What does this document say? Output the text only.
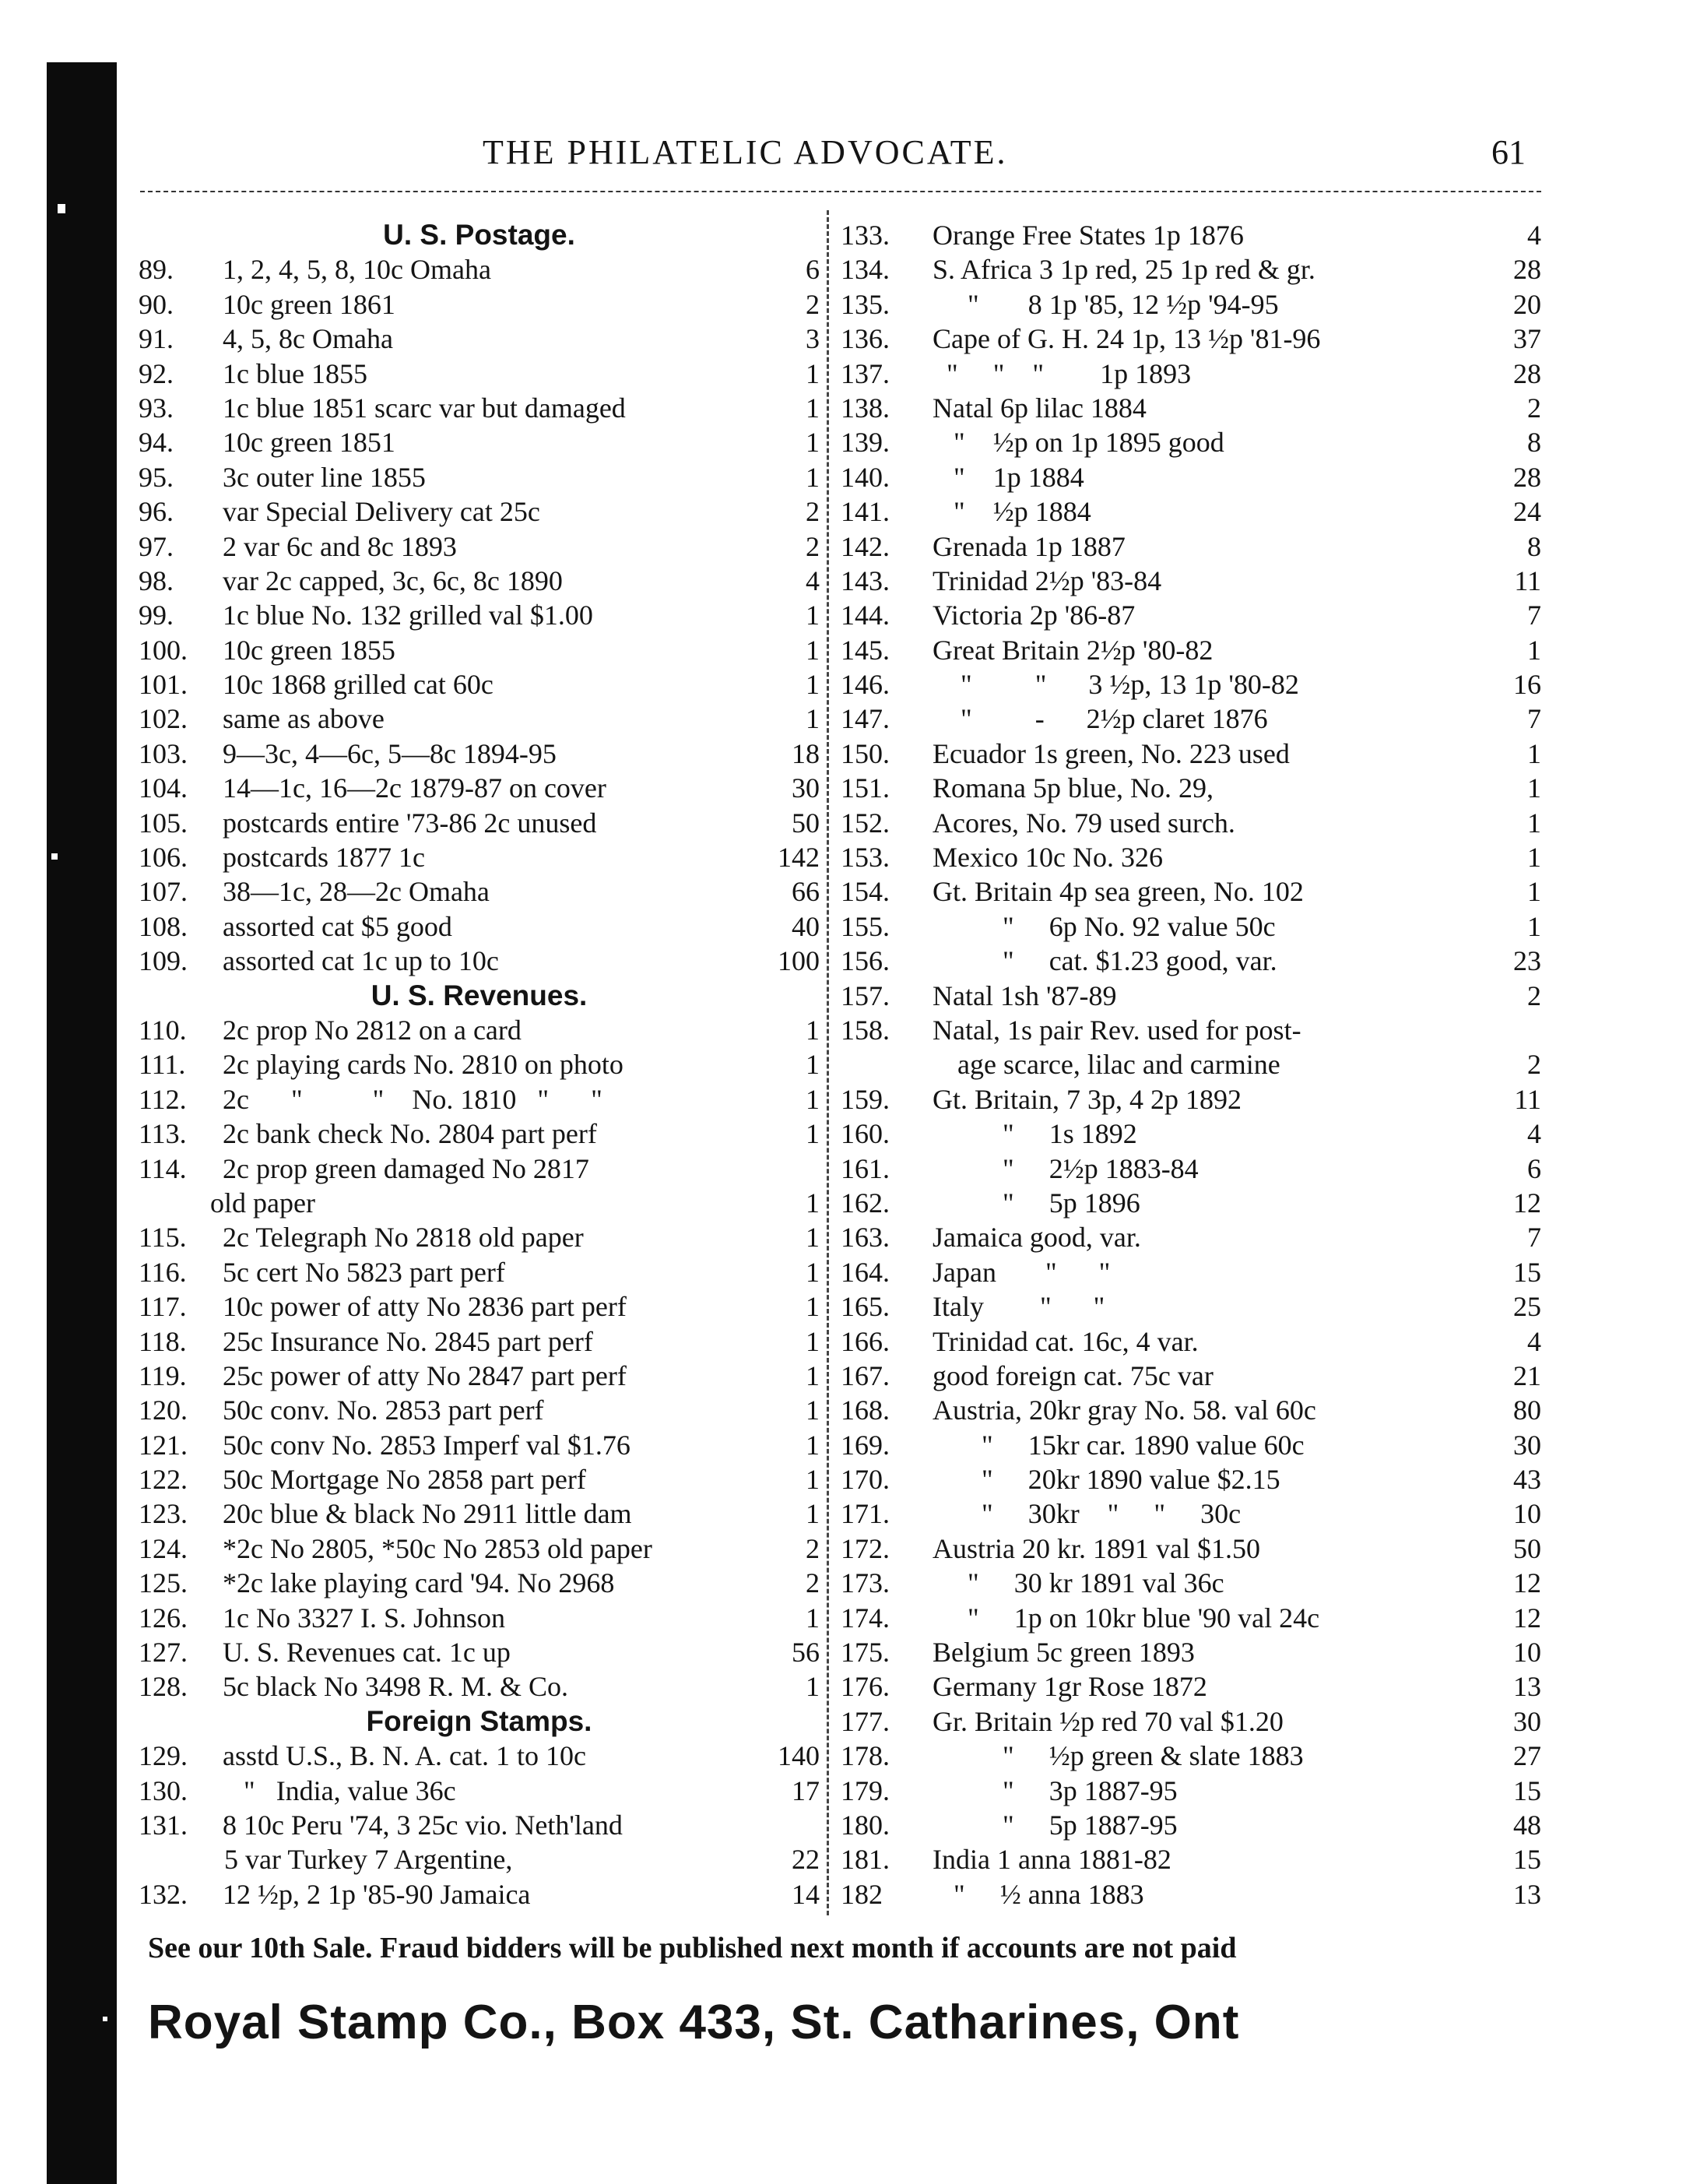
THE PHILATELIC ADVOCATE.	61
U. S. Postage.
89.	1, 2, 4, 5, 8, 10c Omaha	6
90.	10c green 1861	2
91.	4, 5, 8c Omaha	3
92.	1c blue 1855	1
93.	1c blue 1851 scarc var but damaged	1
94.	10c green 1851	1
95.	3c outer line 1855	1
96.	var Special Delivery cat 25c	2
97.	2 var 6c and 8c 1893	2
98.	var 2c capped, 3c, 6c, 8c 1890	4
99.	1c blue No. 132 grilled val $1.00	1
100.	10c green 1855	1
101.	10c 1868 grilled cat 60c	1
102.	same as above	1
103.	9—3c, 4—6c, 5—8c 1894-95	18
104.	14—1c, 16—2c 1879-87 on cover	30
105.	postcards entire '73-86 2c unused	50
106.	postcards 1877 1c	142
107.	38—1c, 28—2c Omaha	66
108.	assorted cat $5 good	40
109.	assorted cat 1c up to 10c	100
U. S. Revenues.
110.	2c prop No 2812 on a card	1
111.	2c playing cards No. 2810 on photo	1
112.	2c      "          "    No. 1810   "      "	1
113.	2c bank check No. 2804 part perf	1
114.	2c prop green damaged No 2817
old paper	1
115.	2c Telegraph No 2818 old paper	1
116.	5c cert No 5823 part perf	1
117.	10c power of atty No 2836 part perf	1
118.	25c Insurance No. 2845 part perf	1
119.	25c power of atty No 2847 part perf	1
120.	50c conv. No. 2853 part perf	1
121.	50c conv No. 2853 Imperf val $1.76	1
122.	50c Mortgage No 2858 part perf	1
123.	20c blue & black No 2911 little dam	1
124.	*2c No 2805, *50c No 2853 old paper	2
125.	*2c lake playing card '94. No 2968	2
126.	1c No 3327 I. S. Johnson	1
127.	U. S. Revenues cat. 1c up	56
128.	5c black No 3498 R. M. & Co.	1
Foreign Stamps.
129.	asstd U.S., B. N. A. cat. 1 to 10c	140
130.	"   India, value 36c	17
131.	8 10c Peru '74, 3 25c vio. Neth'land
5 var Turkey 7 Argentine,	22
132.	12 ½p, 2 1p '85-90 Jamaica	14
133.	Orange Free States 1p 1876	4
134.	S. Africa 3 1p red, 25 1p red & gr.	28
135.	"       8 1p '85, 12 ½p '94-95	20
136.	Cape of G. H. 24 1p, 13 ½p '81-96	37
137.	"     "    "        1p 1893	28
138.	Natal 6p lilac 1884	2
139.	"    ½p on 1p 1895 good	8
140.	"    1p 1884	28
141.	"    ½p 1884	24
142.	Grenada 1p 1887	8
143.	Trinidad 2½p '83-84	11
144.	Victoria 2p '86-87	7
145.	Great Britain 2½p '80-82	1
146.	"         "      3 ½p, 13 1p '80-82	16
147.	"         -      2½p claret 1876	7
150.	Ecuador 1s green, No. 223 used	1
151.	Romana 5p blue, No. 29,	1
152.	Acores, No. 79 used surch.	1
153.	Mexico 10c No. 326	1
154.	Gt. Britain 4p sea green, No. 102	1
155.	"     6p No. 92 value 50c	1
156.	"     cat. $1.23 good, var.	23
157.	Natal 1sh '87-89	2
158.	Natal, 1s pair Rev. used for post-
age scarce, lilac and carmine	2
159.	Gt. Britain, 7 3p, 4 2p 1892	11
160.	"     1s 1892	4
161.	"     2½p 1883-84	6
162.	"     5p 1896	12
163.	Jamaica good, var.	7
164.	Japan       "      "	15
165.	Italy        "      "	25
166.	Trinidad cat. 16c, 4 var.	4
167.	good foreign cat. 75c var	21
168.	Austria, 20kr gray No. 58. val 60c	80
169.	"     15kr car. 1890 value 60c	30
170.	"     20kr 1890 value $2.15	43
171.	"     30kr    "     "     30c	10
172.	Austria 20 kr. 1891 val $1.50	50
173.	"     30 kr 1891 val 36c	12
174.	"     1p on 10kr blue '90 val 24c	12
175.	Belgium 5c green 1893	10
176.	Germany 1gr Rose 1872	13
177.	Gr. Britain ½p red 70 val $1.20	30
178.	"     ½p green & slate 1883	27
179.	"     3p 1887-95	15
180.	"     5p 1887-95	48
181.	India 1 anna 1881-82	15
182	"     ½ anna 1883	13
See our 10th Sale. Fraud bidders will be published next month if accounts are not paid
Royal Stamp Co., Box 433, St. Catharines, Ont
